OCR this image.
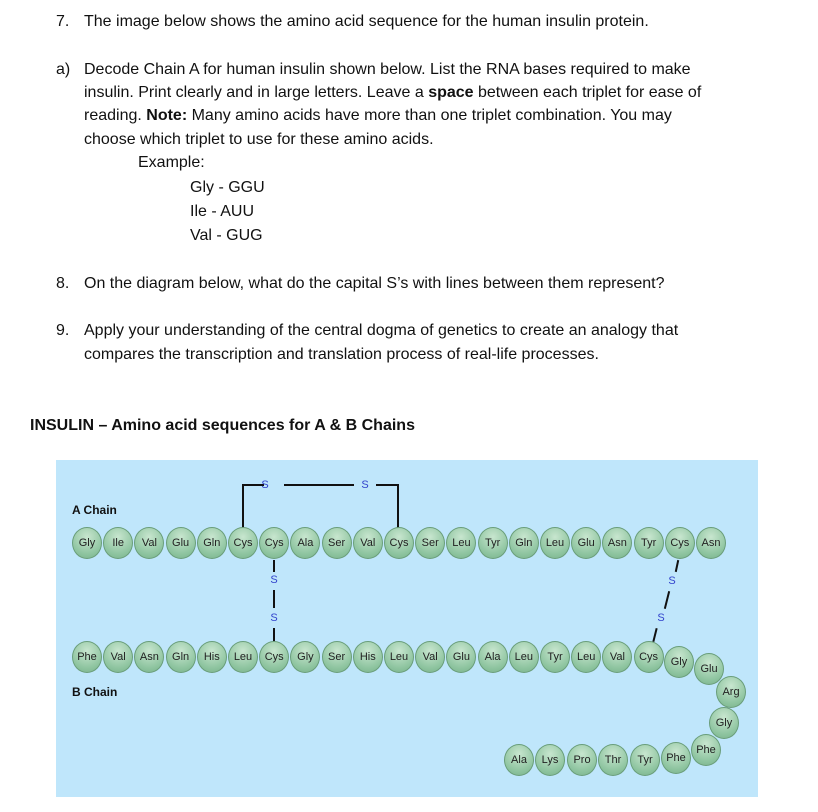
7. The image below shows the amino acid sequence for the human insulin protein.
a) Decode Chain A for human insulin shown below. List the RNA bases required to make
insulin. Print clearly and in large letters. Leave a space between each triplet for ease of
reading. Note: Many amino acids have more than one triplet combination. You may
choose which triplet to use for these amino acids.
Example:
Gly - GGU
Ile - AUU
Val - GUG
8. On the diagram below, what do the capital S’s with lines between them represent?
9. Apply your understanding of the central dogma of genetics to create an analogy that
compares the transcription and translation process of real-life processes.
INSULIN – Amino acid sequences for A & B Chains
A Chain
B Chain
S	S
S
S
S
S
Gly	Ile	Val	Glu	Gln	Cys	Cys	Ala	Ser	Val	Cys	Ser	Leu	Tyr	Gln	Leu	Glu	Asn	Tyr	Cys	Asn
Phe	Val	Asn	Gln	His	Leu	Cys	Gly	Ser	His	Leu	Val	Glu	Ala	Leu	Tyr	Leu	Val	Cys	Gly
Glu
Arg
Gly
Phe
Phe
Tyr
Thr
Pro
Lys
Ala
